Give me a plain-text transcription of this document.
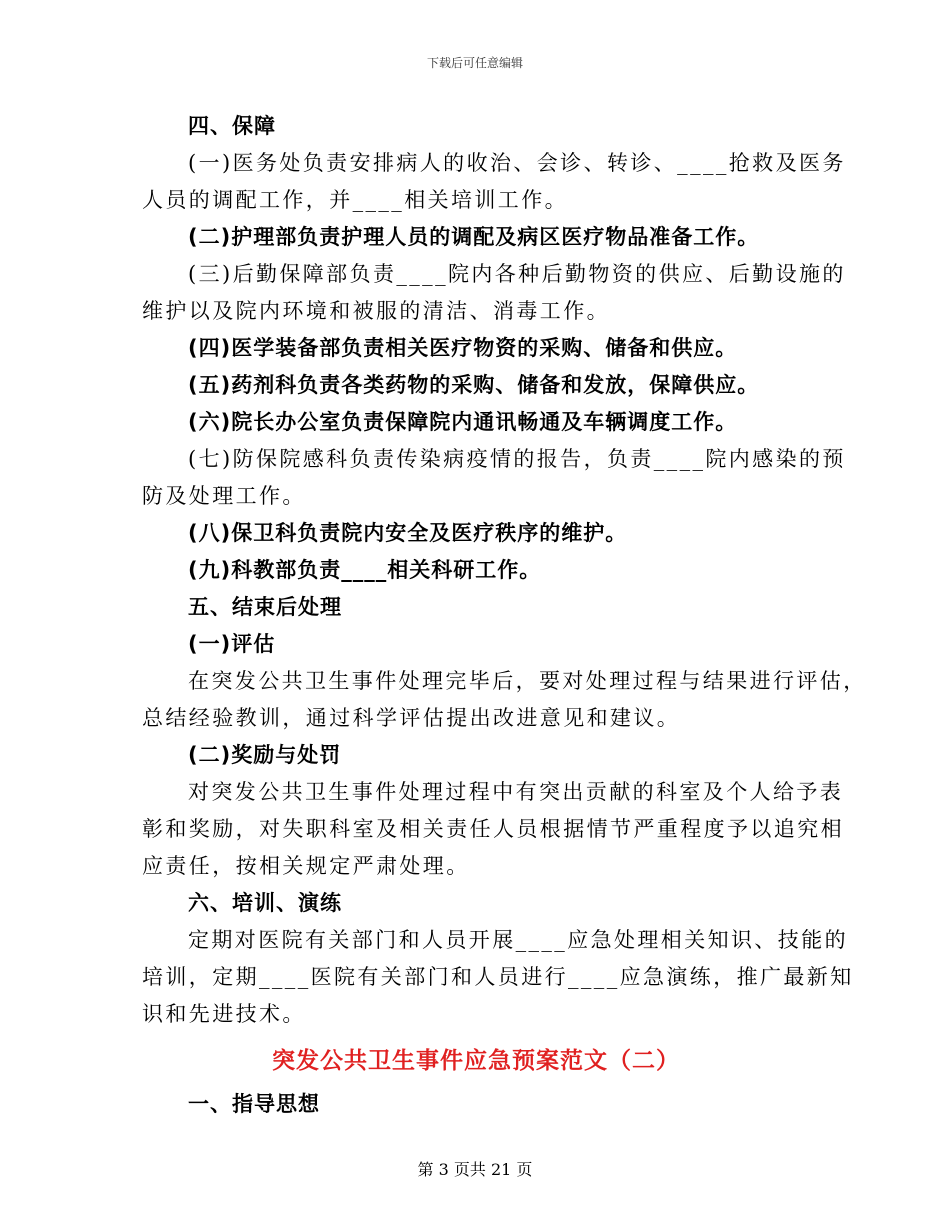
下载后可任意编辑
四、保障
(一)医务处负责安排病人的收治、会诊、转诊、____抢救及医务
人员的调配工作，并____相关培训工作。
(二)护理部负责护理人员的调配及病区医疗物品准备工作。
(三)后勤保障部负责____院内各种后勤物资的供应、后勤设施的
维护以及院内环境和被服的清洁、消毒工作。
(四)医学装备部负责相关医疗物资的采购、储备和供应。
(五)药剂科负责各类药物的采购、储备和发放，保障供应。
(六)院长办公室负责保障院内通讯畅通及车辆调度工作。
(七)防保院感科负责传染病疫情的报告，负责____院内感染的预
防及处理工作。
(八)保卫科负责院内安全及医疗秩序的维护。
(九)科教部负责____相关科研工作。
五、结束后处理
(一)评估
在突发公共卫生事件处理完毕后，要对处理过程与结果进行评估，
总结经验教训，通过科学评估提出改进意见和建议。
(二)奖励与处罚
对突发公共卫生事件处理过程中有突出贡献的科室及个人给予表
彰和奖励，对失职科室及相关责任人员根据情节严重程度予以追究相
应责任，按相关规定严肃处理。
六、培训、演练
定期对医院有关部门和人员开展____应急处理相关知识、技能的
培训，定期____医院有关部门和人员进行____应急演练，推广最新知
识和先进技术。
突发公共卫生事件应急预案范文（二）
一、指导思想
第 3 页共 21 页
